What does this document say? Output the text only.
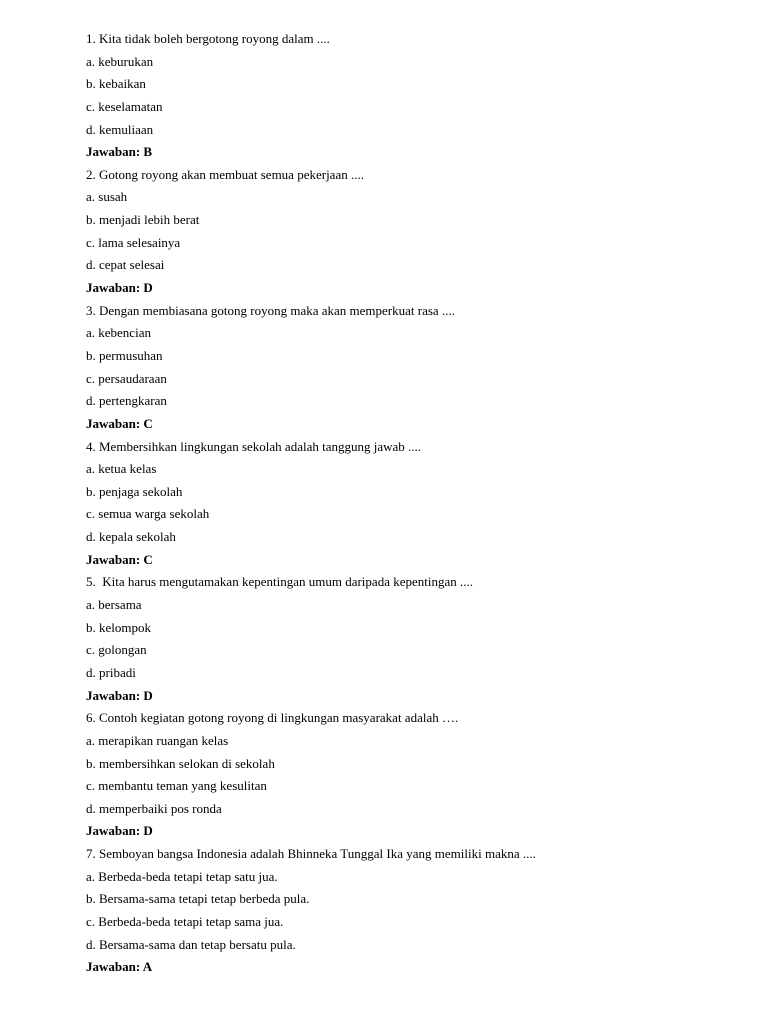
1. Kita tidak boleh bergotong royong dalam ....
a. keburukan
b. kebaikan
c. keselamatan
d. kemuliaan
Jawaban: B
2. Gotong royong akan membuat semua pekerjaan ....
a. susah
b. menjadi lebih berat
c. lama selesainya
d. cepat selesai
Jawaban: D
3. Dengan membiasana gotong royong maka akan memperkuat rasa ....
a. kebencian
b. permusuhan
c. persaudaraan
d. pertengkaran
Jawaban: C
4. Membersihkan lingkungan sekolah adalah tanggung jawab ....
a. ketua kelas
b. penjaga sekolah
c. semua warga sekolah
d. kepala sekolah
Jawaban: C
5.  Kita harus mengutamakan kepentingan umum daripada kepentingan ....
a. bersama
b. kelompok
c. golongan
d. pribadi
Jawaban: D
6. Contoh kegiatan gotong royong di lingkungan masyarakat adalah ….
a. merapikan ruangan kelas
b. membersihkan selokan di sekolah
c. membantu teman yang kesulitan
d. memperbaiki pos ronda
Jawaban: D
7. Semboyan bangsa Indonesia adalah Bhinneka Tunggal Ika yang memiliki makna ....
a. Berbeda-beda tetapi tetap satu jua.
b. Bersama-sama tetapi tetap berbeda pula.
c. Berbeda-beda tetapi tetap sama jua.
d. Bersama-sama dan tetap bersatu pula.
Jawaban: A
